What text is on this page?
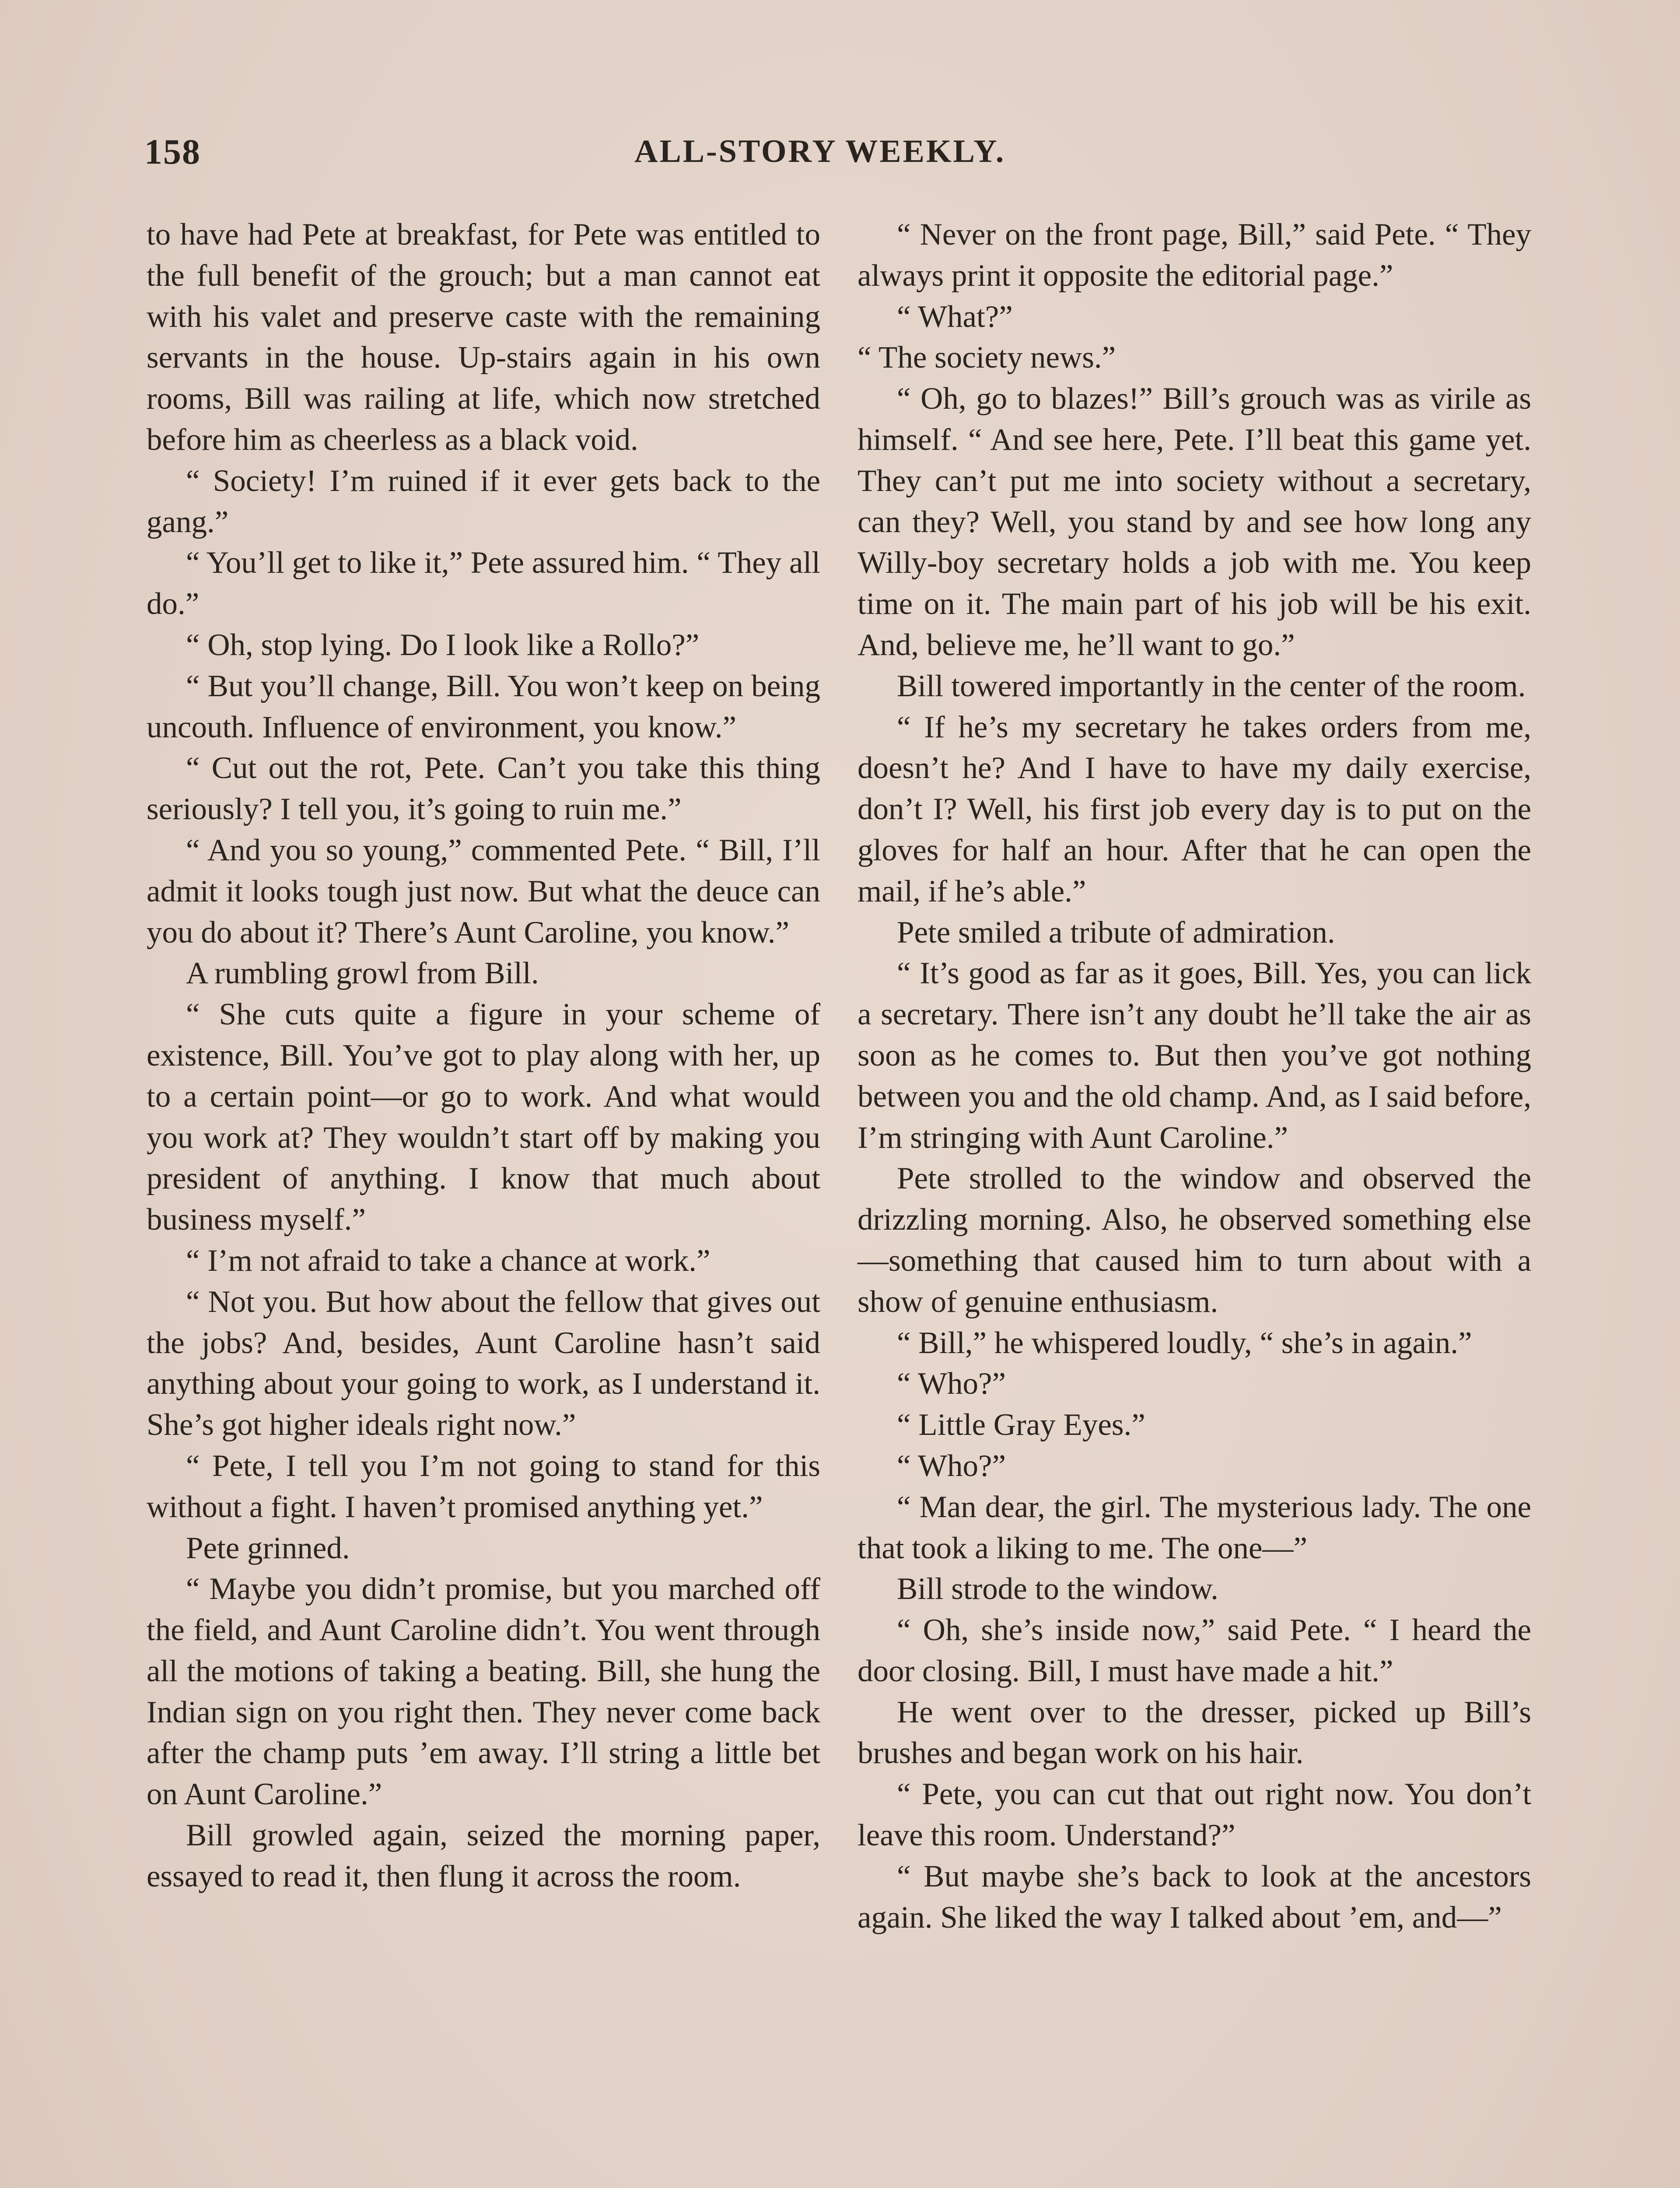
158	ALL-STORY WEEKLY.

to have had Pete at breakfast, for Pete was entitled to the full benefit of the grouch; but a man cannot eat with his valet and preserve caste with the remaining servants in the house. Up-stairs again in his own rooms, Bill was railing at life, which now stretched before him as cheerless as a black void.

“ Society! I’m ruined if it ever gets back to the gang.”

“ You’ll get to like it,” Pete assured him. “ They all do.”

“ Oh, stop lying. Do I look like a Rollo?”

“ But you’ll change, Bill. You won’t keep on being uncouth. Influence of environment, you know.”

“ Cut out the rot, Pete. Can’t you take this thing seriously? I tell you, it’s going to ruin me.”

“ And you so young,” commented Pete. “ Bill, I’ll admit it looks tough just now. But what the deuce can you do about it? There’s Aunt Caroline, you know.”

A rumbling growl from Bill.

“ She cuts quite a figure in your scheme of existence, Bill. You’ve got to play along with her, up to a certain point—or go to work. And what would you work at? They wouldn’t start off by making you president of anything. I know that much about business myself.”

“ I’m not afraid to take a chance at work.”

“ Not you. But how about the fellow that gives out the jobs? And, besides, Aunt Caroline hasn’t said anything about your going to work, as I understand it. She’s got higher ideals right now.”

“ Pete, I tell you I’m not going to stand for this without a fight. I haven’t promised anything yet.”

Pete grinned.

“ Maybe you didn’t promise, but you marched off the field, and Aunt Caroline didn’t. You went through all the motions of taking a beating. Bill, she hung the Indian sign on you right then. They never come back after the champ puts ’em away. I’ll string a little bet on Aunt Caroline.”

Bill growled again, seized the morning paper, essayed to read it, then flung it across the room.

“ Never on the front page, Bill,” said Pete. “ They always print it opposite the editorial page.”

“ What?”

“ The society news.”

“ Oh, go to blazes!” Bill’s grouch was as virile as himself. “ And see here, Pete. I’ll beat this game yet. They can’t put me into society without a secretary, can they? Well, you stand by and see how long any Willy-boy secretary holds a job with me. You keep time on it. The main part of his job will be his exit. And, believe me, he’ll want to go.”

Bill towered importantly in the center of the room.

“ If he’s my secretary he takes orders from me, doesn’t he? And I have to have my daily exercise, don’t I? Well, his first job every day is to put on the gloves for half an hour. After that he can open the mail, if he’s able.”

Pete smiled a tribute of admiration.

“ It’s good as far as it goes, Bill. Yes, you can lick a secretary. There isn’t any doubt he’ll take the air as soon as he comes to. But then you’ve got nothing between you and the old champ. And, as I said before, I’m stringing with Aunt Caroline.”

Pete strolled to the window and observed the drizzling morning. Also, he observed something else—something that caused him to turn about with a show of genuine enthusiasm.

“ Bill,” he whispered loudly, “ she’s in again.”

“ Who?”

“ Little Gray Eyes.”

“ Who?”

“ Man dear, the girl. The mysterious lady. The one that took a liking to me. The one—”

Bill strode to the window.

“ Oh, she’s inside now,” said Pete. “ I heard the door closing. Bill, I must have made a hit.”

He went over to the dresser, picked up Bill’s brushes and began work on his hair.

“ Pete, you can cut that out right now. You don’t leave this room. Understand?”

“ But maybe she’s back to look at the ancestors again. She liked the way I talked about ’em, and—”
